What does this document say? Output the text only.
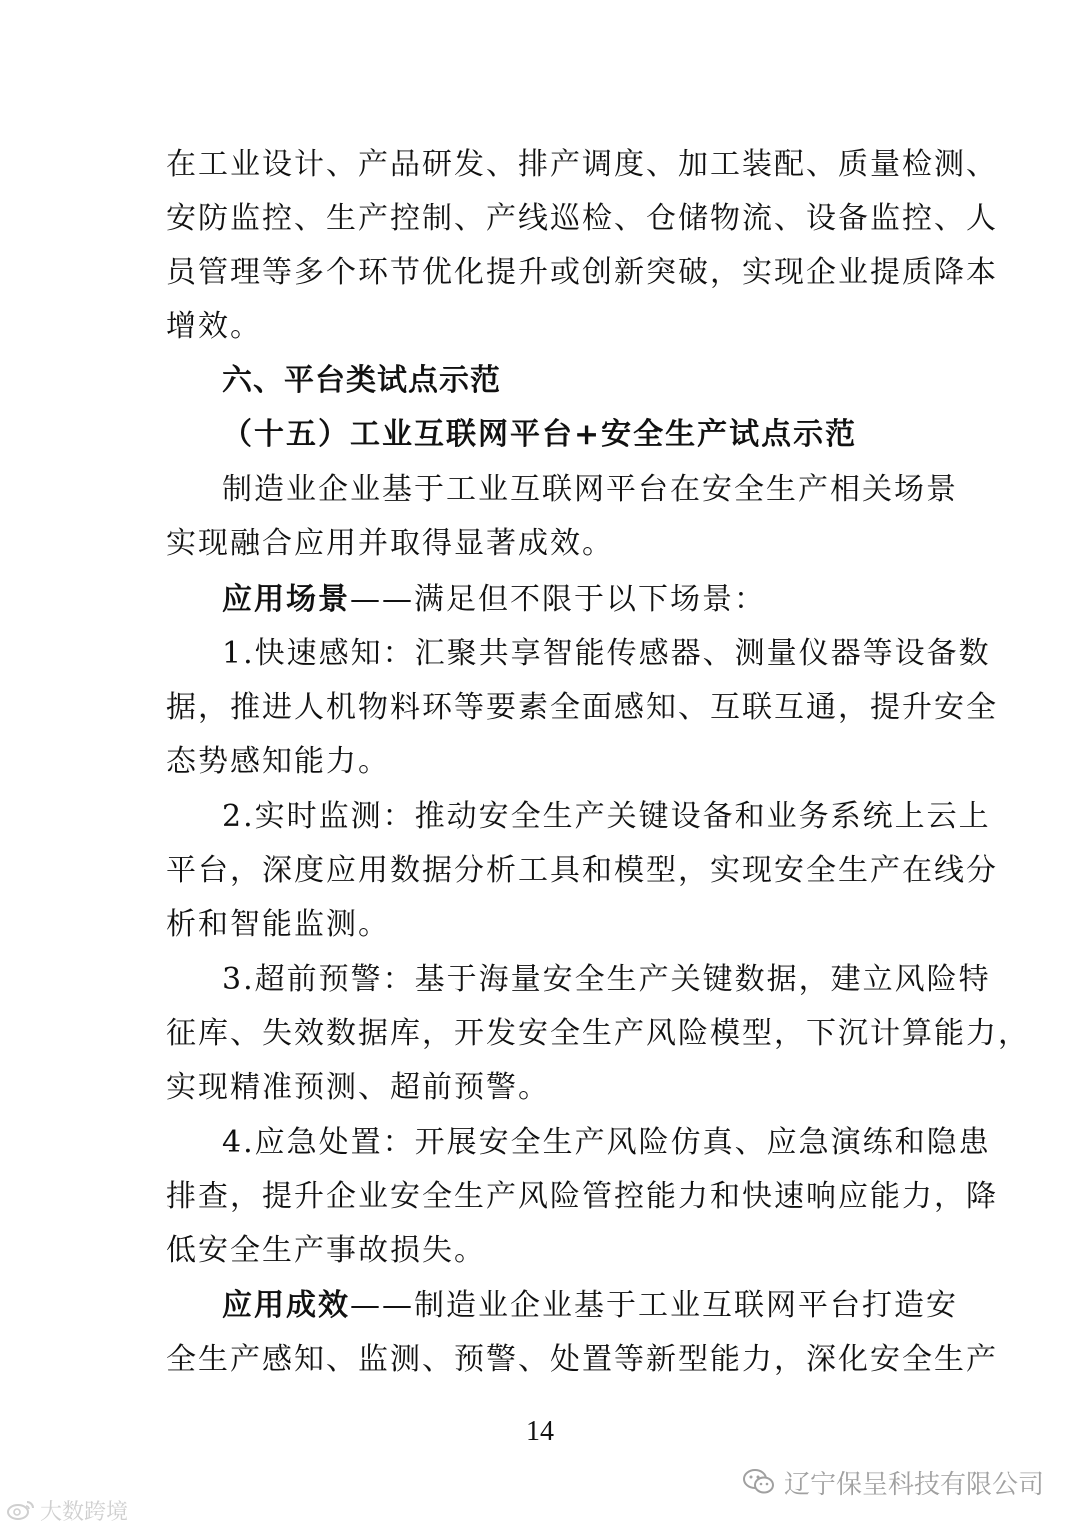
在工业设计、产品研发、排产调度、加工装配、质量检测、
安防监控、生产控制、产线巡检、仓储物流、设备监控、人
员管理等多个环节优化提升或创新突破，实现企业提质降本
增效。
六、平台类试点示范
（十五）工业互联网平台+安全生产试点示范
制造业企业基于工业互联网平台在安全生产相关场景
实现融合应用并取得显著成效。
应用场景——满足但不限于以下场景：
1.快速感知：汇聚共享智能传感器、测量仪器等设备数
据，推进人机物料环等要素全面感知、互联互通，提升安全
态势感知能力。
2.实时监测：推动安全生产关键设备和业务系统上云上
平台，深度应用数据分析工具和模型，实现安全生产在线分
析和智能监测。
3.超前预警：基于海量安全生产关键数据，建立风险特
征库、失效数据库，开发安全生产风险模型，下沉计算能力，
实现精准预测、超前预警。
4.应急处置：开展安全生产风险仿真、应急演练和隐患
排查，提升企业安全生产风险管控能力和快速响应能力，降
低安全生产事故损失。
应用成效——制造业企业基于工业互联网平台打造安
全生产感知、监测、预警、处置等新型能力，深化安全生产
14
辽宁保呈科技有限公司
大数跨境
